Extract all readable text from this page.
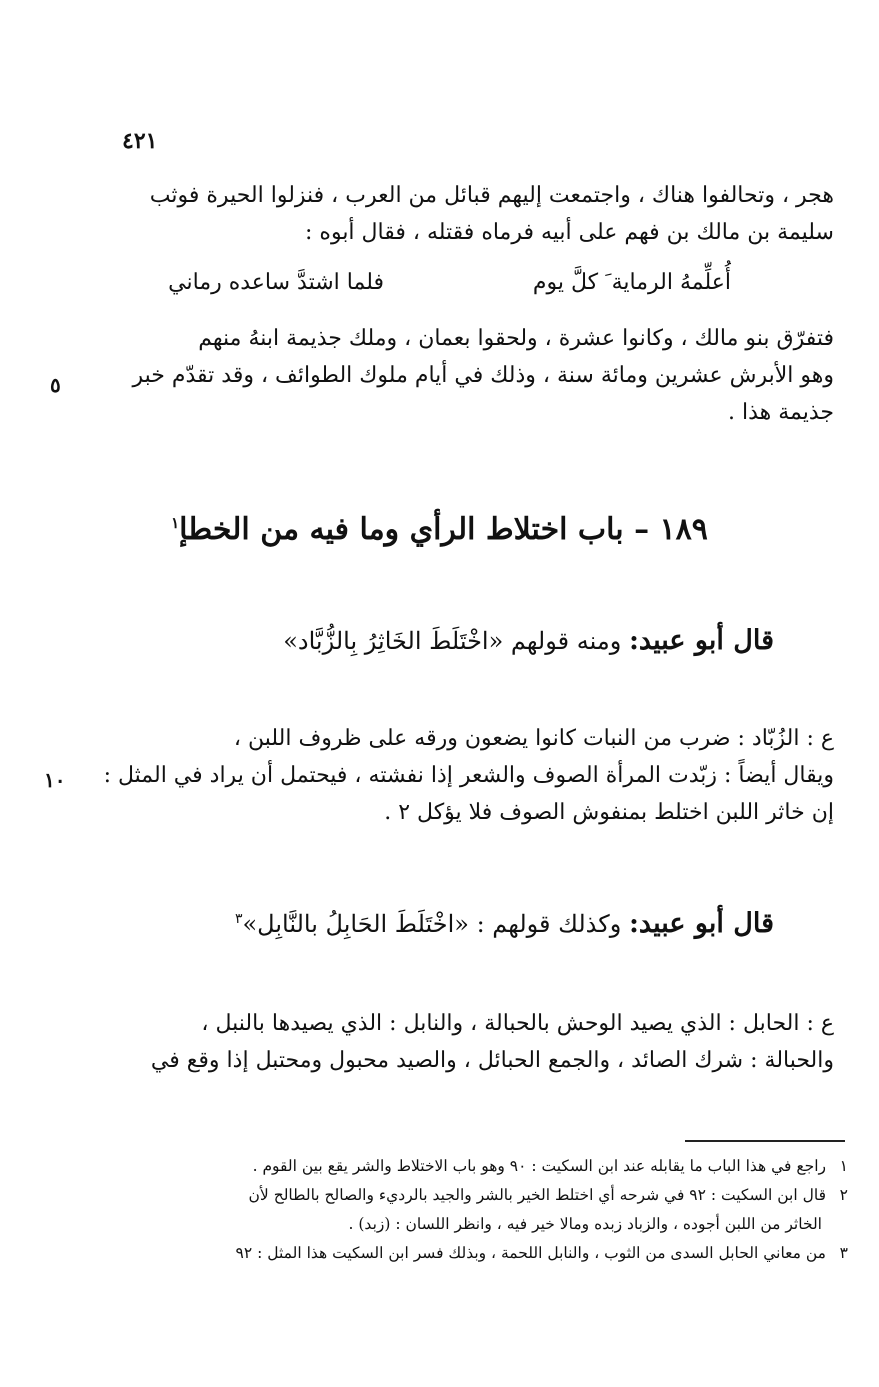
٤٢١
هجر ، وتحالفوا هناك ، واجتمعت إليهم قبائل من العرب ، فنزلوا الحيرة فوثب
سليمة بن مالك بن فهم على أبيه فرماه فقتله ، فقال أبوه :
أُعلِّمهُ الرماية َ كلَّ يوم
فلما اشتدَّ ساعده رماني
فتفرّق بنو مالك ، وكانوا عشرة ، ولحقوا بعمان ، وملك جذيمة ابنهُ منهم
وهو الأبرش عشرين ومائة سنة ، وذلك في أيام ملوك الطوائف ، وقد تقدّم خبر
جذيمة هذا .
٥
١٨٩ – باب اختلاط الرأي وما فيه من الخطإ$^١$
قال أبو عبيد: ومنه قولهم «اخْتَلَطَ الخَاثِرُ بِالزُّبَّاد»
ع : الزُبّاد : ضرب من النبات كانوا يضعون ورقه على ظروف اللبن ،
ويقال أيضاً : زبّدت المرأة الصوف والشعر إذا نفشته ، فيحتمل أن يراد في المثل :
إن خاثر اللبن اختلط بمنفوش الصوف فلا يؤكل ٢ .
١٠
قال أبو عبيد: وكذلك قولهم : «اخْتَلَطَ الحَابِلُ بالنَّابِل»$^٣$
ع : الحابل : الذي يصيد الوحش بالحبالة ، والنابل : الذي يصيدها بالنبل ،
والحبالة : شرك الصائد ، والجمع الحبائل ، والصيد محبول ومحتبل إذا وقع في
١راجع في هذا الباب ما يقابله عند ابن السكيت : ٩٠ وهو باب الاختلاط والشر يقع بين القوم .
٢قال ابن السكيت : ٩٢ في شرحه أي اختلط الخير بالشر والجيد بالرديء والصالح بالطالح لأن
الخاثر من اللبن أجوده ، والزباد زبده ومالا خير فيه ، وانظر اللسان : (زبد) .
٣من معاني الحابل السدى من الثوب ، والنابل اللحمة ، وبذلك فسر ابن السكيت هذا المثل : ٩٢
